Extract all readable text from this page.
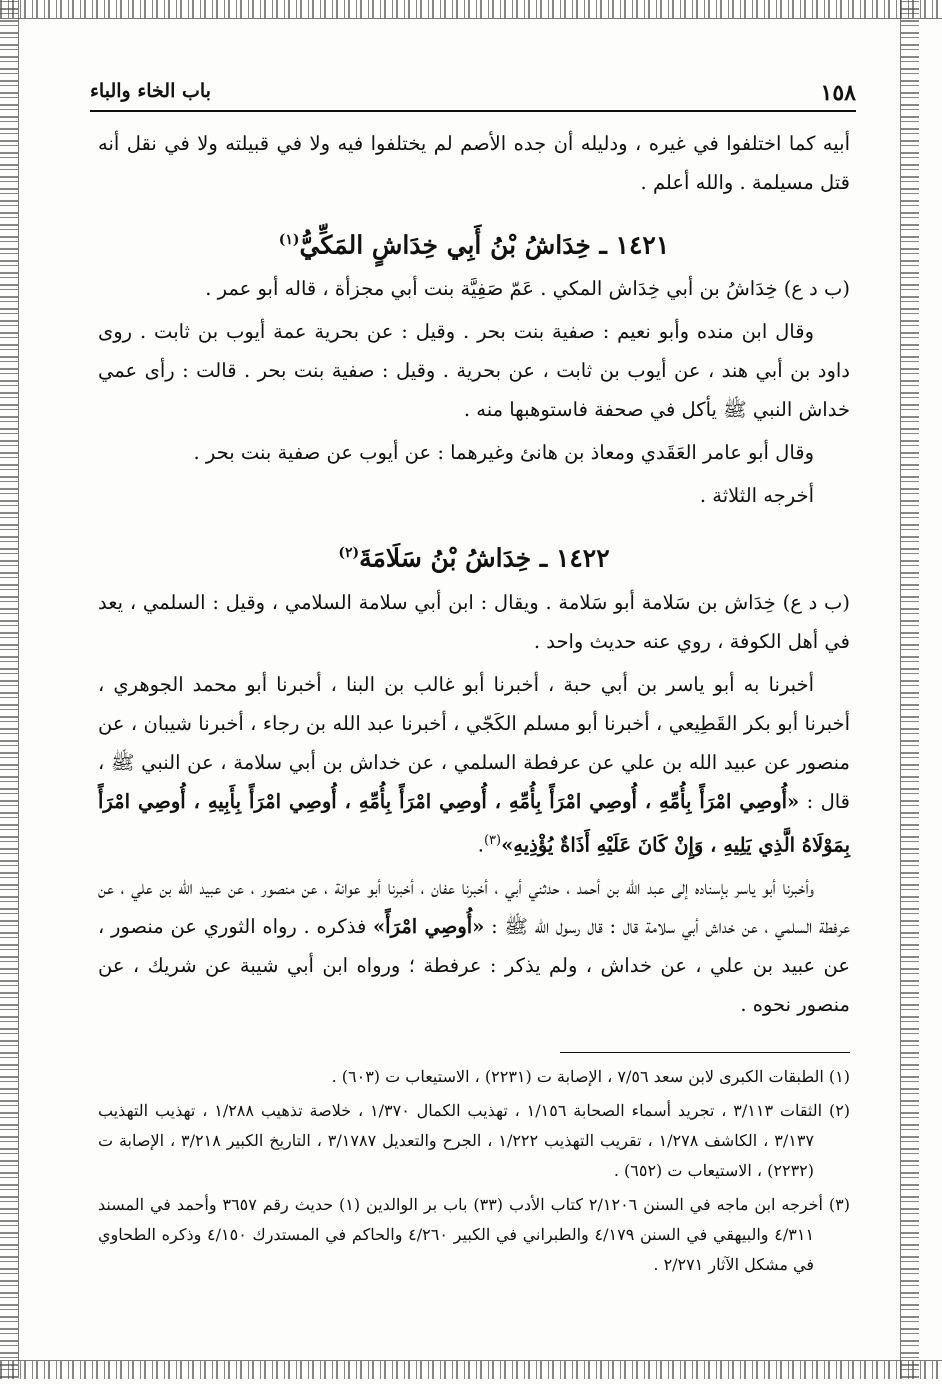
١٥٨
باب الخاء والباء

أبيه كما اختلفوا في غيره ، ودليله أن جده الأصم لم يختلفوا فيه ولا في قبيلته ولا في نقل أنه قتل مسيلمة . والله أعلم .

١٤٢١ ـ خِدَاشُ بْنُ أَبِي خِدَاشٍ المَكِّيُّ$^{(١)}$

(ب د ع) خِدَاشُ بن أبي خِدَاش المكي . عَمّ صَفِيَّة بنت أبي مجزأة ، قاله أبو عمر .

وقال ابن منده وأبو نعيم : صفية بنت بحر . وقيل : عن بحرية عمة أيوب بن ثابت . روى داود بن أبي هند ، عن أيوب بن ثابت ، عن بحرية . وقيل : صفية بنت بحر . قالت : رأى عمي خداش النبي ﷺ يأكل في صحفة فاستوهبها منه .

وقال أبو عامر العَقَدي ومعاذ بن هانئ وغيرهما : عن أيوب عن صفية بنت بحر .

أخرجه الثلاثة .

١٤٢٢ ـ خِدَاشُ بْنُ سَلَامَةَ$^{(٢)}$

(ب د ع) خِدَاش بن سَلامة أبو سَلامة . ويقال : ابن أبي سلامة السلامي ، وقيل : السلمي ، يعد في أهل الكوفة ، روي عنه حديث واحد .

أخبرنا به أبو ياسر بن أبي حبة ، أخبرنا أبو غالب بن البنا ، أخبرنا أبو محمد الجوهري ، أخبرنا أبو بكر القَطِيعي ، أخبرنا أبو مسلم الكَجّي ، أخبرنا عبد الله بن رجاء ، أخبرنا شيبان ، عن منصور عن عبيد الله بن علي عن عرفطة السلمي ، عن خداش بن أبي سلامة ، عن النبي ﷺ ، قال : «أُوصِي امْرَأً بِأُمِّهِ ، أُوصِي امْرَأً بِأُمِّهِ ، أُوصِي امْرَأً بِأُمِّهِ ، أُوصِي امْرَأً بِأَبِيهِ ، أُوصِي امْرَأً بِمَوْلَاهُ الَّذِي يَلِيهِ ، وَإِنْ كَانَ عَلَيْهِ أَذَاةٌ يُؤْذِيهِ»$^{(٣)}$.

وأخبرنا أبو ياسر بإسناده إلى عبد الله بن أحمد ، حدثني أبي ، أخبرنا عفان ، أخبرنا أبو عوانة ، عن منصور ، عن عبيد الله بن علي ، عن عرفطة السلمي ، عن خداش أبي سلامة قال : قال رسول الله ﷺ : «أُوصِي امْرَأً» فذكره . رواه الثوري عن منصور ، عن عبيد بن علي ، عن خداش ، ولم يذكر : عرفطة ؛ ورواه ابن أبي شيبة عن شريك ، عن منصور نحوه .

(١) الطبقات الكبرى لابن سعد ٧/٥٦ ، الإصابة ت (٢٢٣١) ، الاستيعاب ت (٦٠٣) .

(٢) الثقات ٣/١١٣ ، تجريد أسماء الصحابة ١/١٥٦ ، تهذيب الكمال ١/٣٧٠ ، خلاصة تذهيب ١/٢٨٨ ، تهذيب التهذيب ٣/١٣٧ ، الكاشف ١/٢٧٨ ، تقريب التهذيب ١/٢٢٢ ، الجرح والتعديل ٣/١٧٨٧ ، التاريخ الكبير ٣/٢١٨ ، الإصابة ت (٢٢٣٢) ، الاستيعاب ت (٦٥٢) .

(٣) أخرجه ابن ماجه في السنن ٢/١٢٠٦ كتاب الأدب (٣٣) باب بر الوالدين (١) حديث رقم ٣٦٥٧ وأحمد في المسند ٤/٣١١ والبيهقي في السنن ٤/١٧٩ والطبراني في الكبير ٤/٢٦٠ والحاكم في المستدرك ٤/١٥٠ وذكره الطحاوي في مشكل الآثار ٢/٢٧١ .
